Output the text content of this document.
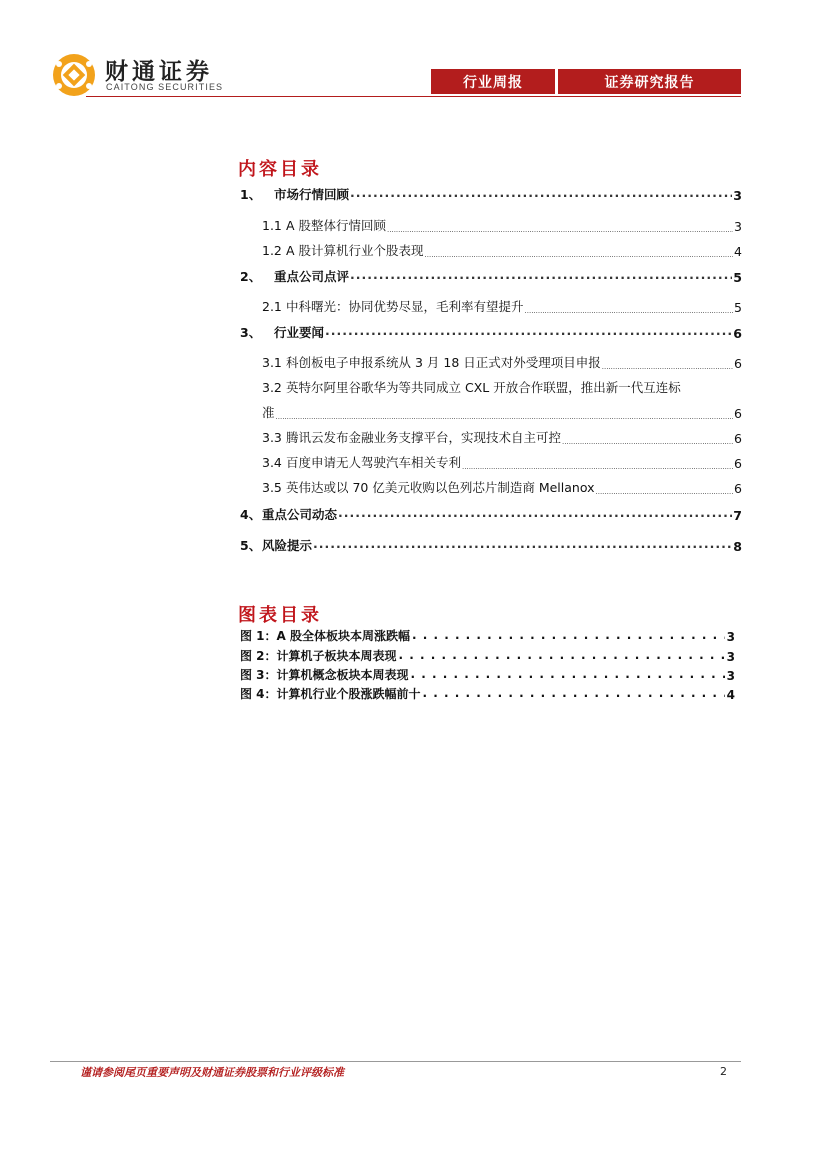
财通证券
CAITONG SECURITIES	行业周报	证券研究报告
内容目录
1、 市场行情回顾 .....	3
1.1 A 股整体行情回顾 .....	3
1.2 A 股计算机行业个股表现 .....	4
2、 重点公司点评 .....	5
2.1 中科曙光：协同优势尽显，毛利率有望提升 .....	5
3、 行业要闻 .....	6
3.1 科创板电子申报系统从 3 月 18 日正式对外受理项目申报 .....	6
3.2 英特尔阿里谷歌华为等共同成立 CXL 开放合作联盟，推出新一代互连标
准 .....	6
3.3 腾讯云发布金融业务支撑平台，实现技术自主可控 .....	6
3.4 百度申请无人驾驶汽车相关专利 .....	6
3.5 英伟达或以 70 亿美元收购以色列芯片制造商 Mellanox .....	6
4、重点公司动态 .....	7
5、风险提示 .....	8
图表目录
图 1：A 股全体板块本周涨跌幅 . . .	3
图 2：计算机子板块本周表现 . . .	3
图 3：计算机概念板块本周表现 . . .	3
图 4：计算机行业个股涨跌幅前十 . . .	4
谨请参阅尾页重要声明及财通证券股票和行业评级标准	2
